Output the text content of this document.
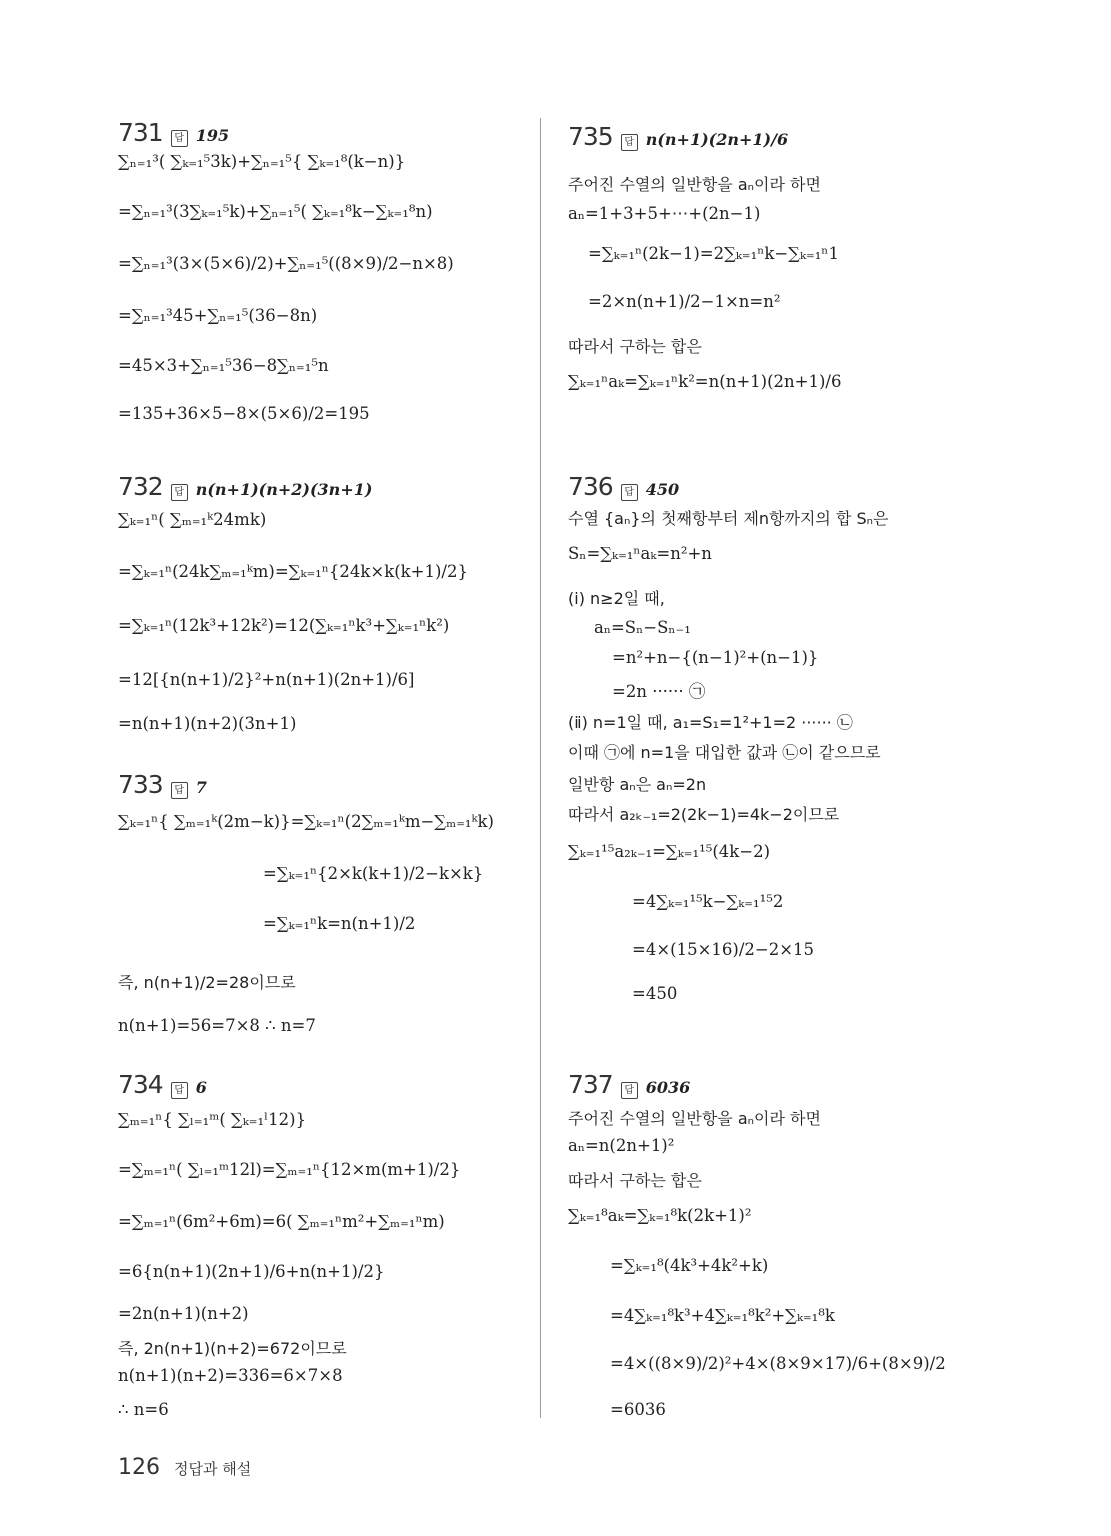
731	답 195
∑ₙ₌₁³( ∑ₖ₌₁⁵3k)+∑ₙ₌₁⁵{ ∑ₖ₌₁⁸(k−n)}
=∑ₙ₌₁³(3∑ₖ₌₁⁵k)+∑ₙ₌₁⁵( ∑ₖ₌₁⁸k−∑ₖ₌₁⁸n)
=∑ₙ₌₁³(3×(5×6)/2)+∑ₙ₌₁⁵((8×9)/2−n×8)
=∑ₙ₌₁³45+∑ₙ₌₁⁵(36−8n)
=45×3+∑ₙ₌₁⁵36−8∑ₙ₌₁⁵n
=135+36×5−8×(5×6)/2=195
732	답 n(n+1)(n+2)(3n+1)
∑ₖ₌₁ⁿ( ∑ₘ₌₁ᵏ24mk)
=∑ₖ₌₁ⁿ(24k∑ₘ₌₁ᵏm)=∑ₖ₌₁ⁿ{24k×k(k+1)/2}
=∑ₖ₌₁ⁿ(12k³+12k²)=12(∑ₖ₌₁ⁿk³+∑ₖ₌₁ⁿk²)
=12[{n(n+1)/2}²+n(n+1)(2n+1)/6]
=n(n+1)(n+2)(3n+1)
733	답 7
∑ₖ₌₁ⁿ{ ∑ₘ₌₁ᵏ(2m−k)}=∑ₖ₌₁ⁿ(2∑ₘ₌₁ᵏm−∑ₘ₌₁ᵏk)
=∑ₖ₌₁ⁿ{2×k(k+1)/2−k×k}
=∑ₖ₌₁ⁿk=n(n+1)/2
즉, n(n+1)/2=28이므로
n(n+1)=56=7×8 ∴ n=7
734	답 6
∑ₘ₌₁ⁿ{ ∑ₗ₌₁ᵐ( ∑ₖ₌₁ˡ12)}
=∑ₘ₌₁ⁿ( ∑ₗ₌₁ᵐ12l)=∑ₘ₌₁ⁿ{12×m(m+1)/2}
=∑ₘ₌₁ⁿ(6m²+6m)=6( ∑ₘ₌₁ⁿm²+∑ₘ₌₁ⁿm)
=6{n(n+1)(2n+1)/6+n(n+1)/2}
=2n(n+1)(n+2)
즉, 2n(n+1)(n+2)=672이므로
n(n+1)(n+2)=336=6×7×8
∴ n=6
735	답 n(n+1)(2n+1)/6
주어진 수열의 일반항을 aₙ이라 하면
aₙ=1+3+5+⋯+(2n−1)
=∑ₖ₌₁ⁿ(2k−1)=2∑ₖ₌₁ⁿk−∑ₖ₌₁ⁿ1
=2×n(n+1)/2−1×n=n²
따라서 구하는 합은
∑ₖ₌₁ⁿaₖ=∑ₖ₌₁ⁿk²=n(n+1)(2n+1)/6
736	답 450
수열 {aₙ}의 첫째항부터 제n항까지의 합 Sₙ은
Sₙ=∑ₖ₌₁ⁿaₖ=n²+n
(ⅰ) n≥2일 때,
aₙ=Sₙ−Sₙ₋₁
=n²+n−{(n−1)²+(n−1)}
=2n ······ ㉠
(ⅱ) n=1일 때, a₁=S₁=1²+1=2 ······ ㉡
이때 ㉠에 n=1을 대입한 값과 ㉡이 같으므로
일반항 aₙ은 aₙ=2n
따라서 a₂ₖ₋₁=2(2k−1)=4k−2이므로
∑ₖ₌₁¹⁵a₂ₖ₋₁=∑ₖ₌₁¹⁵(4k−2)
=4∑ₖ₌₁¹⁵k−∑ₖ₌₁¹⁵2
=4×(15×16)/2−2×15
=450
737	답 6036
주어진 수열의 일반항을 aₙ이라 하면
aₙ=n(2n+1)²
따라서 구하는 합은
∑ₖ₌₁⁸aₖ=∑ₖ₌₁⁸k(2k+1)²
=∑ₖ₌₁⁸(4k³+4k²+k)
=4∑ₖ₌₁⁸k³+4∑ₖ₌₁⁸k²+∑ₖ₌₁⁸k
=4×((8×9)/2)²+4×(8×9×17)/6+(8×9)/2
=6036
126 정답과 해설
